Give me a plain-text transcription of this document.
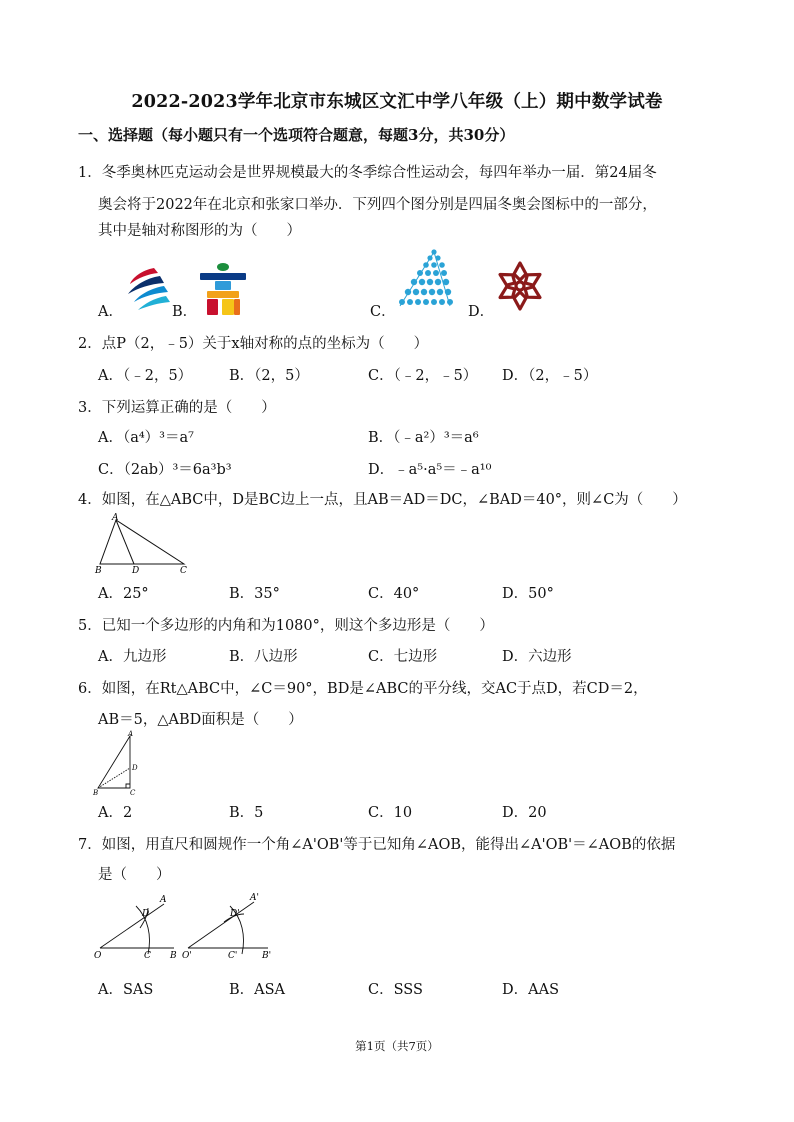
2022-2023学年北京市东城区文汇中学八年级（上）期中数学试卷
一、选择题（每小题只有一个选项符合题意，每题3分，共30分）
1．冬季奥林匹克运动会是世界规模最大的冬季综合性运动会，每四年举办一届．第24届冬
奥会将于2022年在北京和张家口举办．下列四个图分别是四届冬奥会图标中的一部分，
其中是轴对称图形的为（　　）
A．	B．	C．	D．
2．点P（2，﹣5）关于x轴对称的点的坐标为（　　）
A．（﹣2，5）	B．（2，5）	C．（﹣2，﹣5） D．（2，﹣5）
3．下列运算正确的是（　　）
A．（a⁴）³＝a⁷	B．（﹣a²）³＝a⁶
C．（2ab）³＝6a³b³	D．﹣a⁵·a⁵＝﹣a¹⁰
4．如图，在△ABC中，D是BC边上一点，且AB＝AD＝DC，∠BAD＝40°，则∠C为（　　）
A
B	D	C
A．25°	B．35°	C．40°	D．50°
5．已知一个多边形的内角和为1080°，则这个多边形是（　　）
A．九边形	B．八边形	C．七边形	D．六边形
6．如图，在Rt△ABC中，∠C＝90°，BD是∠ABC的平分线，交AC于点D，若CD＝2，
AB＝5，△ABD面积是（　　）
A
D
B	C
A．2	B．5	C．10	D．20
7．如图，用直尺和圆规作一个角∠A'OB'等于已知角∠AOB，能得出∠A'OB'＝∠AOB的依据
是（　　）
O	C B
D
A
O'	C'	B'
D'
A'
A．SAS	B．ASA	C．SSS	D．AAS
第1页（共7页）
